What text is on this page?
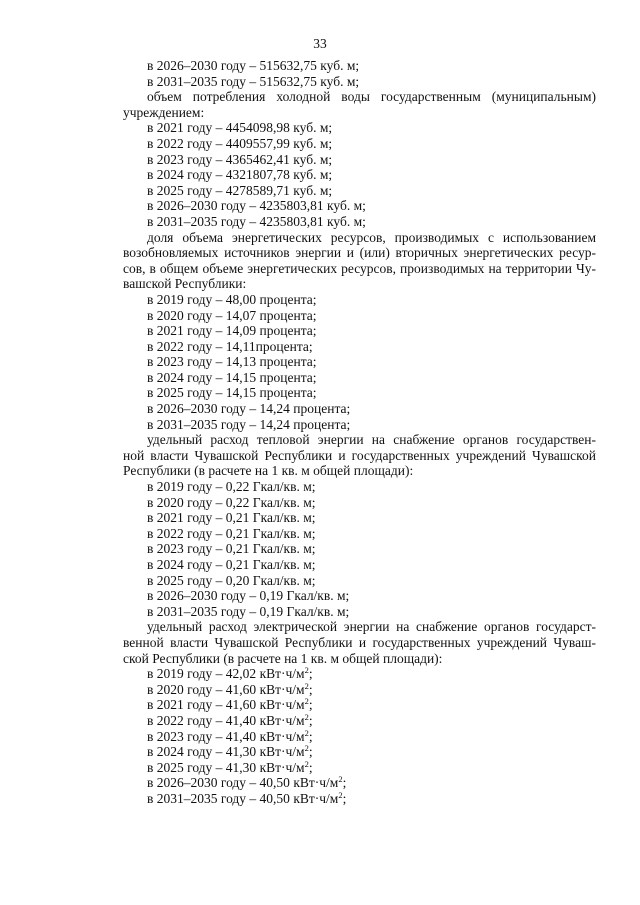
33
в 2026–2030 году – 515632,75 куб. м;
в 2031–2035 году – 515632,75 куб. м;
объем потребления холодной воды государственным (муниципальным)
учреждением:
в 2021 году – 4454098,98 куб. м;
в 2022 году – 4409557,99 куб. м;
в 2023 году – 4365462,41 куб. м;
в 2024 году – 4321807,78 куб. м;
в 2025 году – 4278589,71 куб. м;
в 2026–2030 году – 4235803,81 куб. м;
в 2031–2035 году – 4235803,81 куб. м;
доля объема энергетических ресурсов, производимых с использованием
возобновляемых источников энергии и (или) вторичных энергетических ресур-
сов, в общем объеме энергетических ресурсов, производимых на территории Чу-
вашской Республики:
в 2019 году – 48,00 процента;
в 2020 году – 14,07 процента;
в 2021 году – 14,09 процента;
в 2022 году – 14,11процента;
в 2023 году – 14,13 процента;
в 2024 году – 14,15 процента;
в 2025 году – 14,15 процента;
в 2026–2030 году – 14,24 процента;
в 2031–2035 году – 14,24 процента;
удельный расход тепловой энергии на снабжение органов государствен-
ной власти Чувашской Республики и государственных учреждений Чувашской
Республики (в расчете на 1 кв. м общей площади):
в 2019 году – 0,22 Гкал/кв. м;
в 2020 году – 0,22 Гкал/кв. м;
в 2021 году – 0,21 Гкал/кв. м;
в 2022 году – 0,21 Гкал/кв. м;
в 2023 году – 0,21 Гкал/кв. м;
в 2024 году – 0,21 Гкал/кв. м;
в 2025 году – 0,20 Гкал/кв. м;
в 2026–2030 году – 0,19 Гкал/кв. м;
в 2031–2035 году – 0,19 Гкал/кв. м;
удельный расход электрической энергии на снабжение органов государст-
венной власти Чувашской Республики и государственных учреждений Чуваш-
ской Республики (в расчете на 1 кв. м общей площади):
в 2019 году – 42,02 $кВт\cdot ч/м^2$;
в 2020 году – 41,60 $кВт\cdot ч/м^2$;
в 2021 году – 41,60 $кВт\cdot ч/м^2$;
в 2022 году – 41,40 $кВт\cdot ч/м^2$;
в 2023 году – 41,40 $кВт\cdot ч/м^2$;
в 2024 году – 41,30 $кВт\cdot ч/м^2$;
в 2025 году – 41,30 $кВт\cdot ч/м^2$;
в 2026–2030 году – 40,50 $кВт\cdot ч/м^2$;
в 2031–2035 году – 40,50 $кВт\cdot ч/м^2$;
